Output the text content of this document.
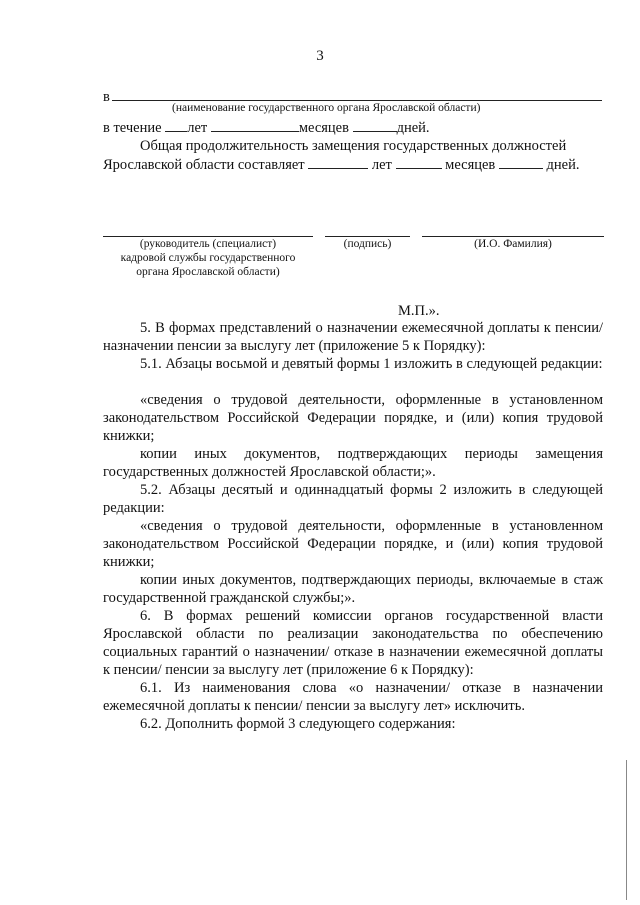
3
в
(наименование государственного органа Ярославской области)
в течение лет	месяцев	дней.
Общая продолжительность замещения государственных должностей
Ярославской области составляет	лет	месяцев	дней.
(руководитель (специалист)
кадровой службы государственного
органа Ярославской области)
(подпись)	(И.О. Фамилия)
М.П.».
5. В формах представлений о назначении ежемесячной доплаты к пенсии/ назначении пенсии за выслугу лет (приложение 5 к Порядку):
5.1. Абзацы восьмой и девятый формы 1 изложить в следующей редакции:
«сведения о трудовой деятельности, оформленные в установленном законодательством Российской Федерации порядке, и (или) копия трудовой книжки;
копии иных документов, подтверждающих периоды замещения государственных должностей Ярославской области;».
5.2. Абзацы десятый и одиннадцатый формы 2 изложить в следующей редакции:
«сведения о трудовой деятельности, оформленные в установленном законодательством Российской Федерации порядке, и (или) копия трудовой книжки;
копии иных документов, подтверждающих периоды, включаемые в стаж государственной гражданской службы;».
6. В формах решений комиссии органов государственной власти Ярославской области по реализации законодательства по обеспечению социальных гарантий о назначении/ отказе в назначении ежемесячной доплаты к пенсии/ пенсии за выслугу лет (приложение 6 к Порядку):
6.1. Из наименования слова «о назначении/ отказе в назначении ежемесячной доплаты к пенсии/ пенсии за выслугу лет» исключить.
6.2. Дополнить формой 3 следующего содержания:
